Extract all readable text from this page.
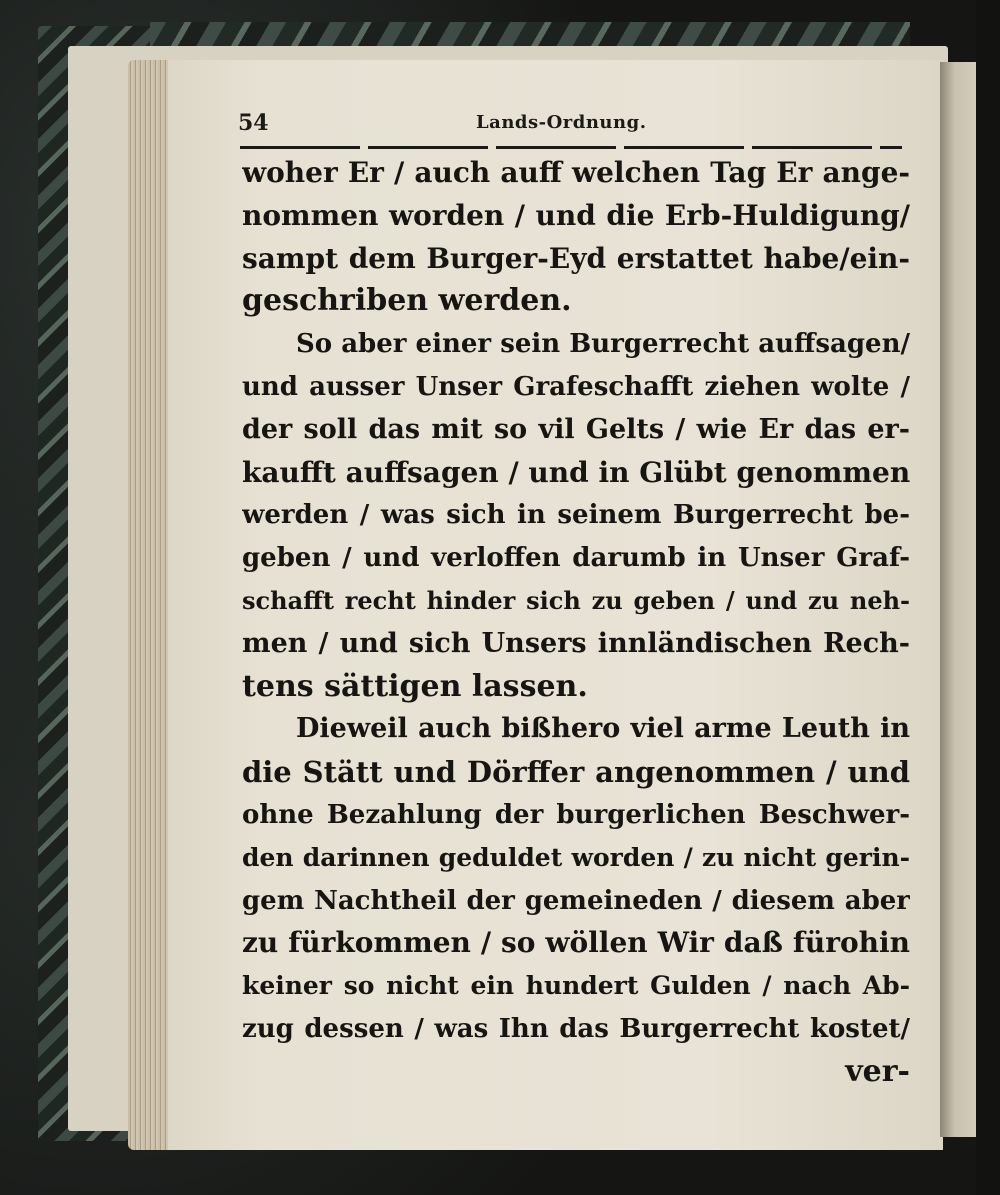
54	Lands-Ordnung.
woher Er / auch auff welchen Tag Er ange-
nommen worden / und die Erb-Huldigung/
sampt dem Burger-Eyd erstattet habe/ein-
geschriben werden.
So aber einer sein Burgerrecht auffsagen/
und ausser Unser Grafeschafft ziehen wolte /
der soll das mit so vil Gelts / wie Er das er-
kaufft auffsagen / und in Glübt genommen
werden / was sich in seinem Burgerrecht be-
geben / und verloffen darumb in Unser Graf-
schafft recht hinder sich zu geben / und zu neh-
men / und sich Unsers innländischen Rech-
tens sättigen lassen.
Dieweil auch bißhero viel arme Leuth in
die Stätt und Dörffer angenommen / und
ohne Bezahlung der burgerlichen Beschwer-
den darinnen geduldet worden / zu nicht gerin-
gem Nachtheil der gemeineden / diesem aber
zu fürkommen / so wöllen Wir daß fürohin
keiner so nicht ein hundert Gulden / nach Ab-
zug dessen / was Ihn das Burgerrecht kostet/
ver-
